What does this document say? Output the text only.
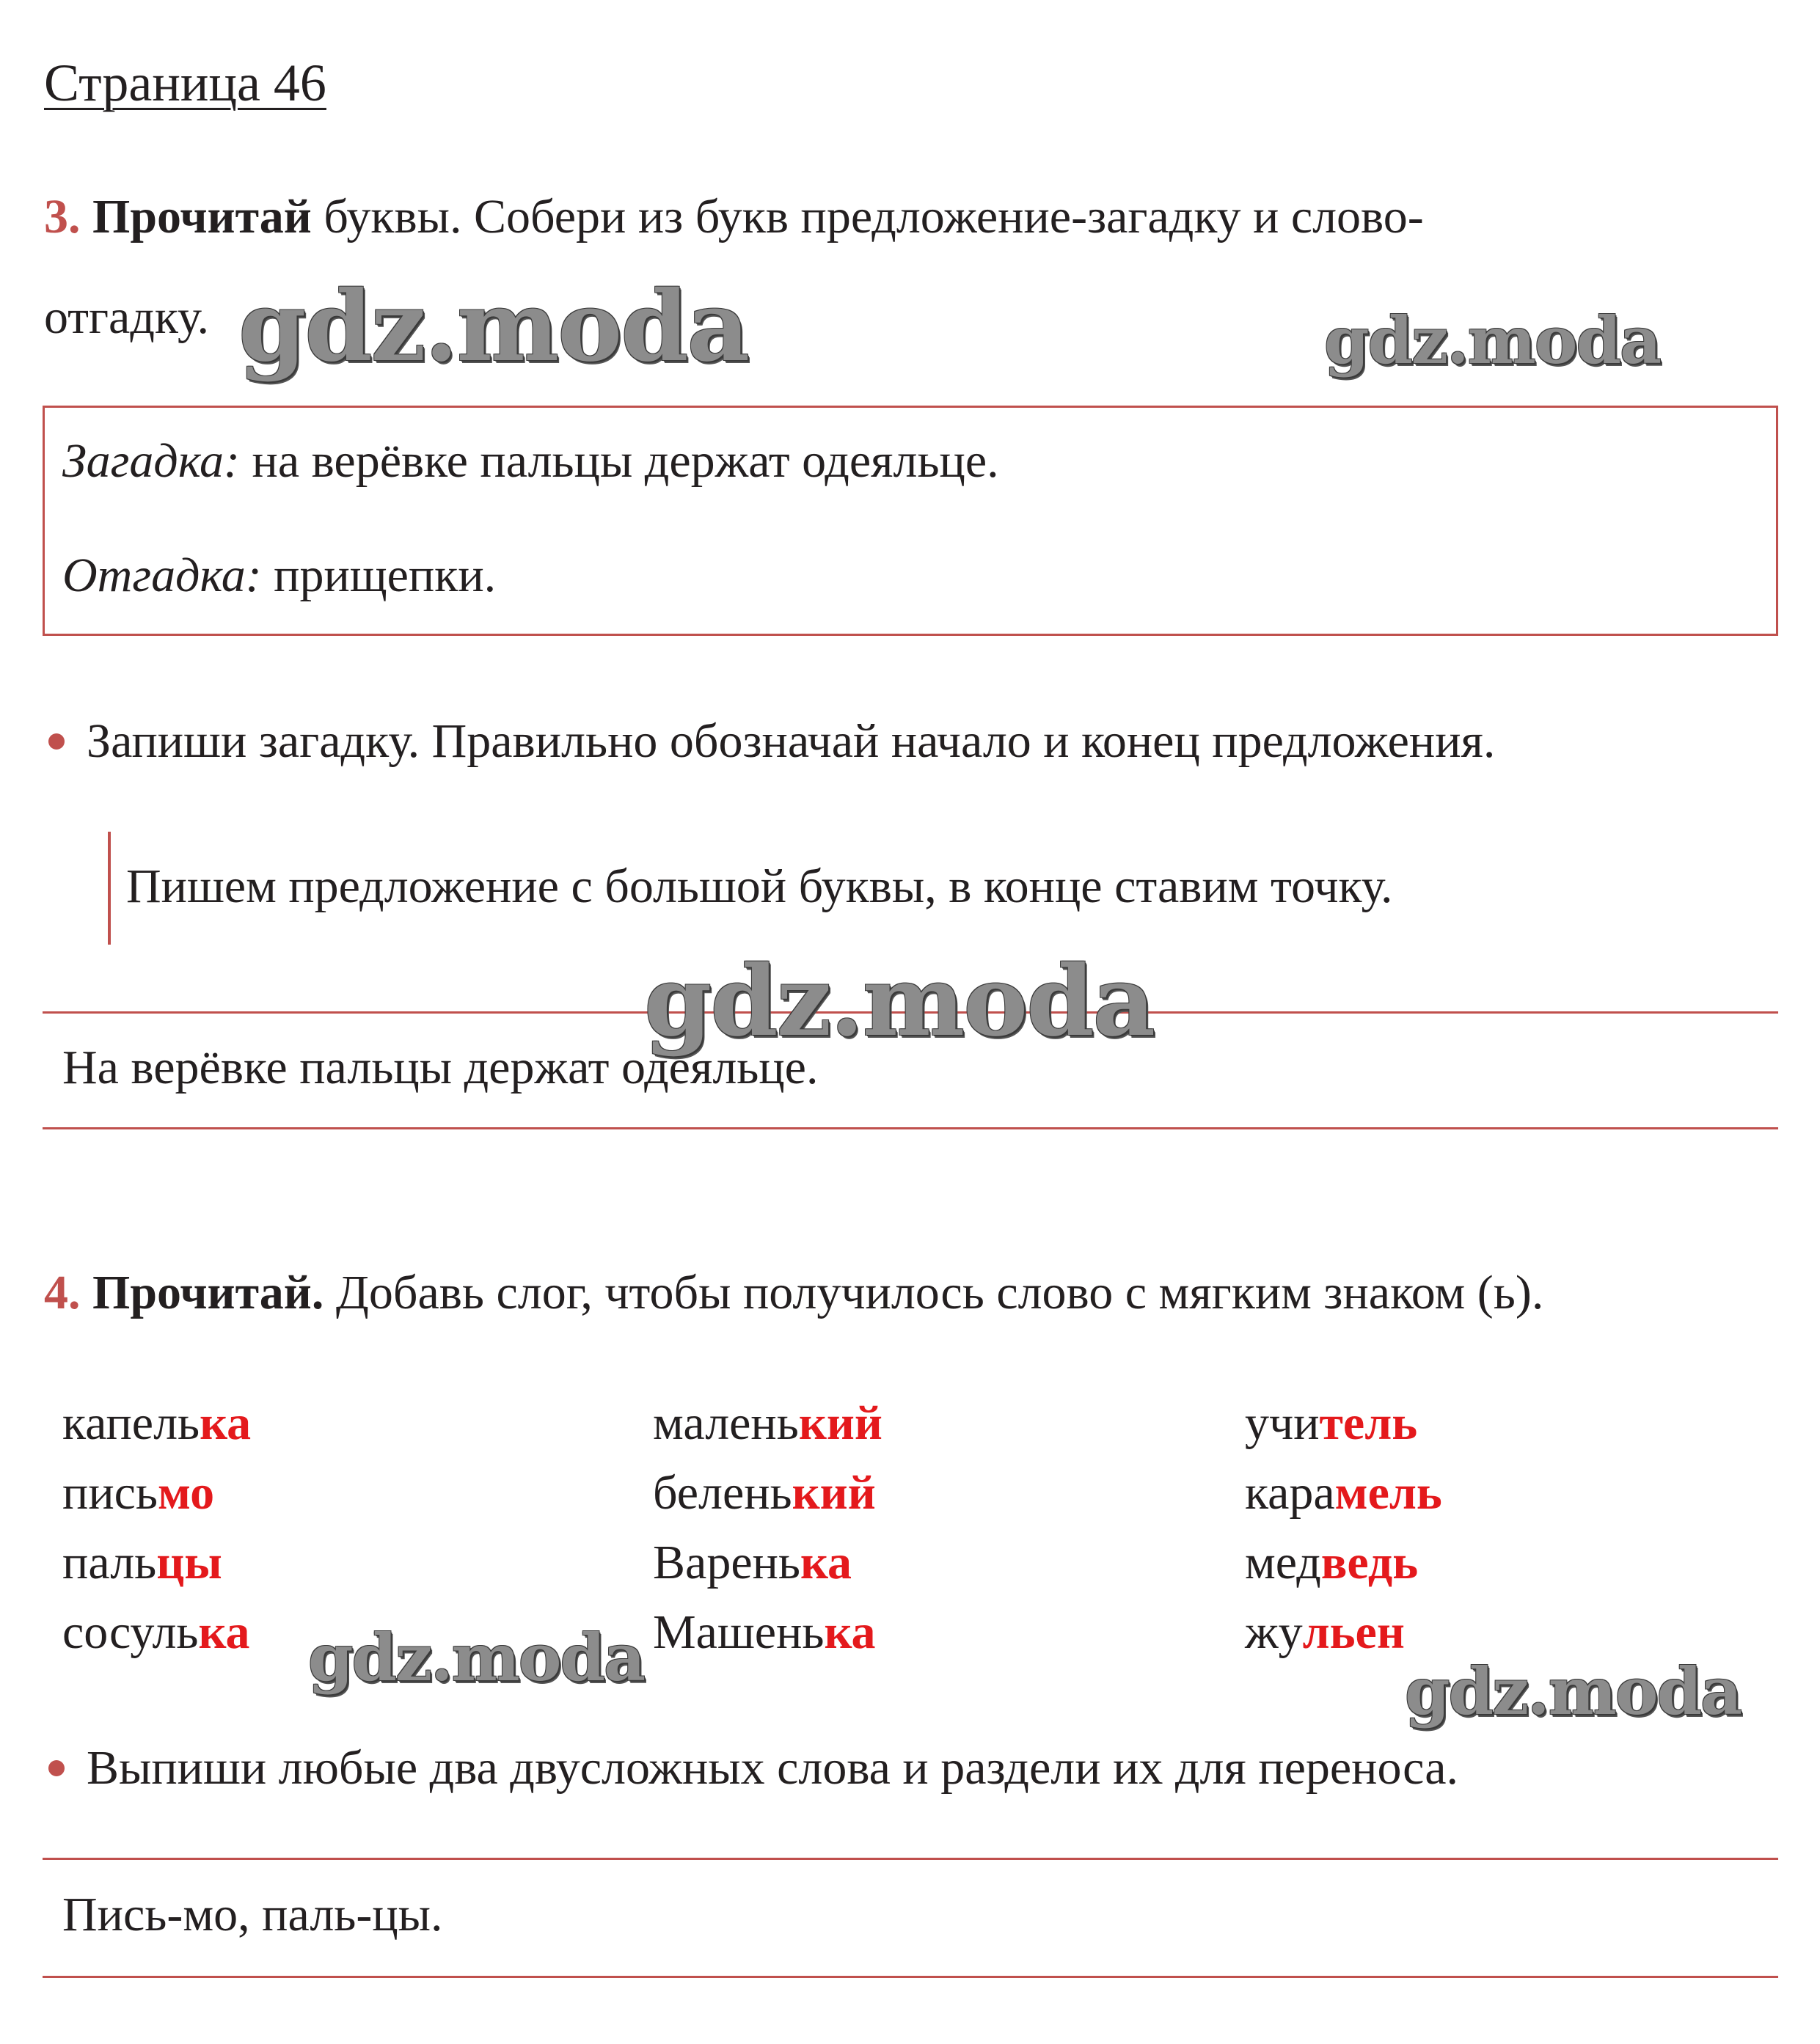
Страница 46
3. Прочитай буквы. Собери из букв предложение-загадку и слово-
отгадку.
Загадка: на верёвке пальцы держат одеяльце.
Отгадка: прищепки.
Запиши загадку. Правильно обозначай начало и конец предложения.
Пишем предложение с большой буквы, в конце ставим точку.
На верёвке пальцы держат одеяльце.
4. Прочитай. Добавь слог, чтобы получилось слово с мягким знаком (ь).
капелька
письмо
пальцы
сосулька
маленький
беленький
Варенька
Машенька
учитель
карамель
медведь
жульен
Выпиши любые два двусложных слова и раздели их для переноса.
Пись-мо, паль-цы.
gdz.moda	gdz.moda
gdz.moda
gdz.moda	gdz.moda
